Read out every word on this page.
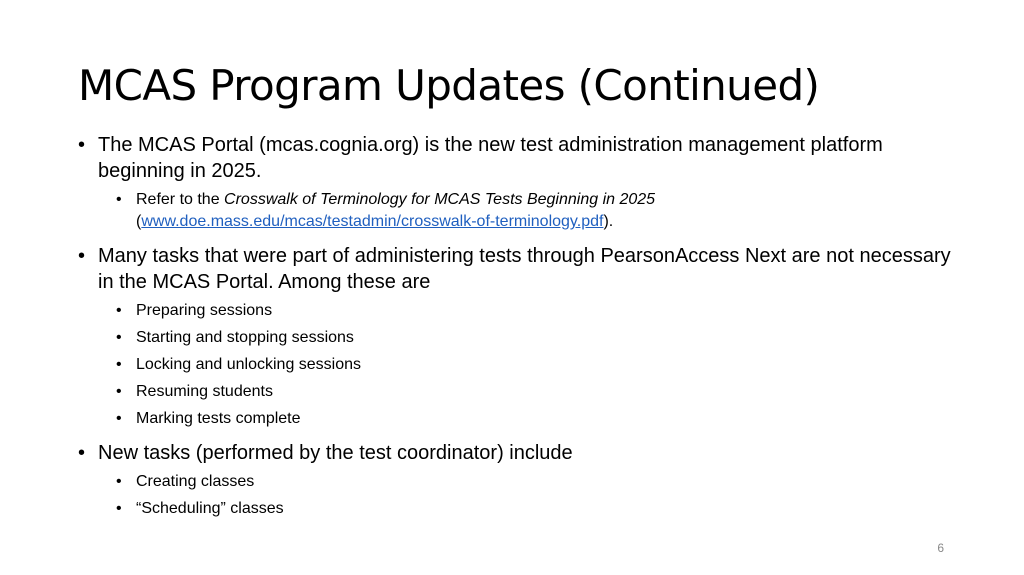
MCAS Program Updates (Continued)
• The MCAS Portal (mcas.cognia.org) is the new test administration management platform beginning in 2025.
• Refer to the Crosswalk of Terminology for MCAS Tests Beginning in 2025 (www.doe.mass.edu/mcas/testadmin/crosswalk-of-terminology.pdf).
• Many tasks that were part of administering tests through PearsonAccess Next are not necessary in the MCAS Portal. Among these are
• Preparing sessions
• Starting and stopping sessions
• Locking and unlocking sessions
• Resuming students
• Marking tests complete
• New tasks (performed by the test coordinator) include
• Creating classes
• “Scheduling” classes
6
